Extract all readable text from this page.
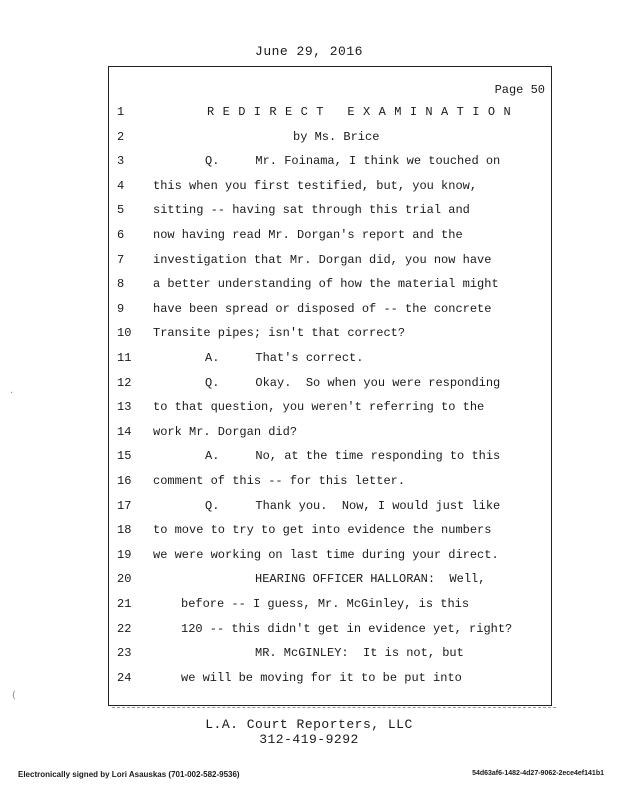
June 29, 2016
Page 50
1	R E D I R E C T   E X A M I N A T I O N
2	by Ms. Brice
3	Q.     Mr. Foinama, I think we touched on
4	this when you first testified, but, you know,
5	sitting -- having sat through this trial and
6	now having read Mr. Dorgan's report and the
7	investigation that Mr. Dorgan did, you now have
8	a better understanding of how the material might
9	have been spread or disposed of -- the concrete
10	Transite pipes; isn't that correct?
11	A.     That's correct.
12	Q.     Okay.  So when you were responding
13	to that question, you weren't referring to the
14	work Mr. Dorgan did?
15	A.     No, at the time responding to this
16	comment of this -- for this letter.
17	Q.     Thank you.  Now, I would just like
18	to move to try to get into evidence the numbers
19	we were working on last time during your direct.
20	HEARING OFFICER HALLORAN:  Well,
21	before -- I guess, Mr. McGinley, is this
22	120 -- this didn't get in evidence yet, right?
23	MR. McGINLEY:  It is not, but
24	we will be moving for it to be put into
·
(
L.A. Court Reporters, LLC
312-419-9292
Electronically signed by Lori Asauskas (701-002-582-9536)	54d63af6-1482-4d27-9062-2ece4ef141b1
